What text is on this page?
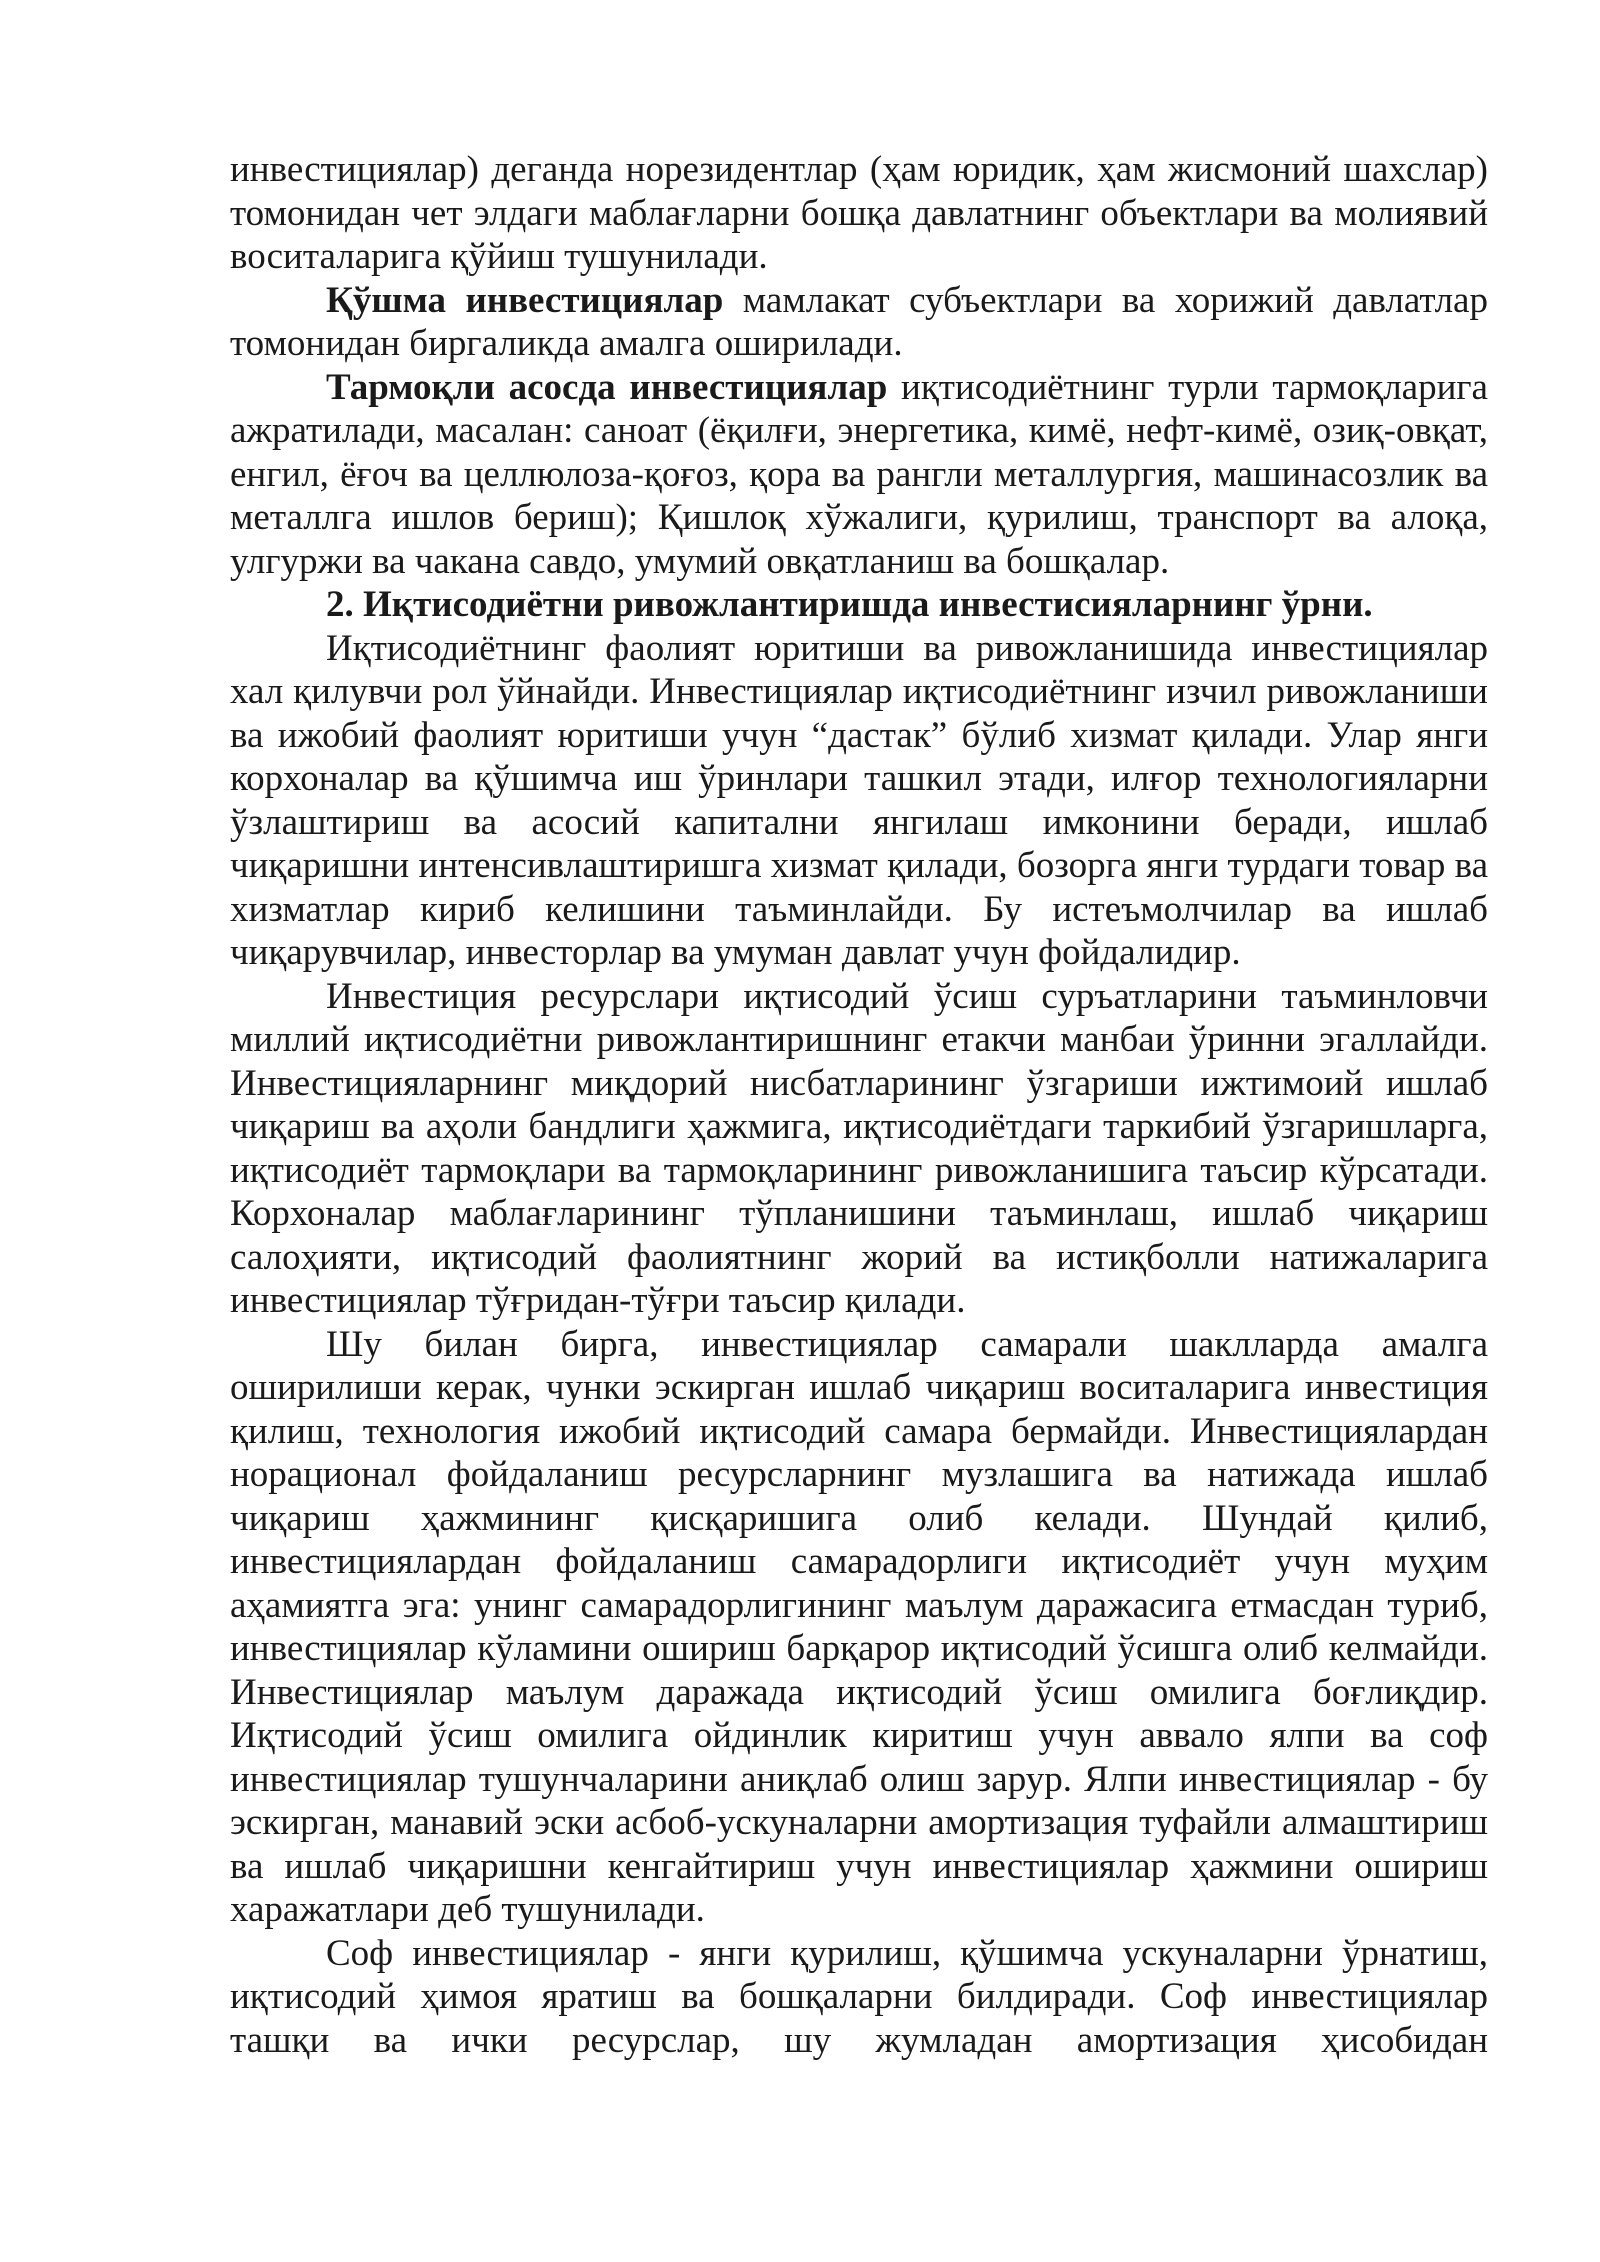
инвестициялар) деганда норезидентлар (ҳам юридик, ҳам жисмоний шахслар) томонидан чет элдаги маблағларни бошқа давлатнинг объектлари ва молиявий воситаларига қўйиш тушунилади.

Қўшма инвестициялар мамлакат субъектлари ва хорижий давлатлар томонидан биргаликда амалга оширилади.

Тармоқли асосда инвестициялар иқтисодиётнинг турли тармоқларига ажратилади, масалан: саноат (ёқилғи, энергетика, кимё, нефт-кимё, озиқ-овқат, енгил, ёғоч ва целлюлоза-қоғоз, қора ва рангли металлургия, машинасозлик ва металлга ишлов бериш); Қишлоқ хўжалиги, қурилиш, транспорт ва алоқа, улгуржи ва чакана савдо, умумий овқатланиш ва бошқалар.

2. Иқтисодиётни ривожлантиришда инвестисияларнинг ўрни.

Иқтисодиётнинг фаолият юритиши ва ривожланишида инвестициялар хал қилувчи рол ўйнайди. Инвестициялар иқтисодиётнинг изчил ривожланиши ва ижобий фаолият юритиши учун “дастак” бўлиб хизмат қилади. Улар янги корхоналар ва қўшимча иш ўринлари ташкил этади, илғор технологияларни ўзлаштириш ва асосий капитални янгилаш имконини беради, ишлаб чиқаришни интенсивлаштиришга хизмат қилади, бозорга янги турдаги товар ва хизматлар кириб келишини таъминлайди. Бу истеъмолчилар ва ишлаб чиқарувчилар, инвесторлар ва умуман давлат учун фойдалидир.

Инвестиция ресурслари иқтисодий ўсиш суръатларини таъминловчи миллий иқтисодиётни ривожлантиришнинг етакчи манбаи ўринни эгаллайди. Инвестицияларнинг миқдорий нисбатларининг ўзгариши ижтимоий ишлаб чиқариш ва аҳоли бандлиги ҳажмига, иқтисодиётдаги таркибий ўзгаришларга, иқтисодиёт тармоқлари ва тармоқларининг ривожланишига таъсир кўрсатади. Корхоналар маблағларининг тўпланишини таъминлаш, ишлаб чиқариш салоҳияти, иқтисодий фаолиятнинг жорий ва истиқболли натижаларига инвестициялар тўғридан-тўғри таъсир қилади.

Шу билан бирга, инвестициялар самарали шаклларда амалга оширилиши керак, чунки эскирган ишлаб чиқариш воситаларига инвестиция қилиш, технология ижобий иқтисодий самара бермайди. Инвестициялардан норационал фойдаланиш ресурсларнинг музлашига ва натижада ишлаб чиқариш ҳажмининг қисқаришига олиб келади. Шундай қилиб, инвестициялардан фойдаланиш самарадорлиги иқтисодиёт учун муҳим аҳамиятга эга: унинг самарадорлигининг маълум даражасига етмасдан туриб, инвестициялар кўламини ошириш барқарор иқтисодий ўсишга олиб келмайди. Инвестициялар маълум даражада иқтисодий ўсиш омилига боғлиқдир. Иқтисодий ўсиш омилига ойдинлик киритиш учун аввало ялпи ва соф инвестициялар тушунчаларини аниқлаб олиш зарур. Ялпи инвестициялар - бу эскирган, манавий эски асбоб-ускуналарни амортизация туфайли алмаштириш ва ишлаб чиқаришни кенгайтириш учун инвестициялар ҳажмини ошириш харажатлари деб тушунилади.

Соф инвестициялар - янги қурилиш, қўшимча ускуналарни ўрнатиш, иқтисодий ҳимоя яратиш ва бошқаларни билдиради. Соф инвестициялар ташқи ва ички ресурслар, шу жумладан амортизация ҳисобидан
